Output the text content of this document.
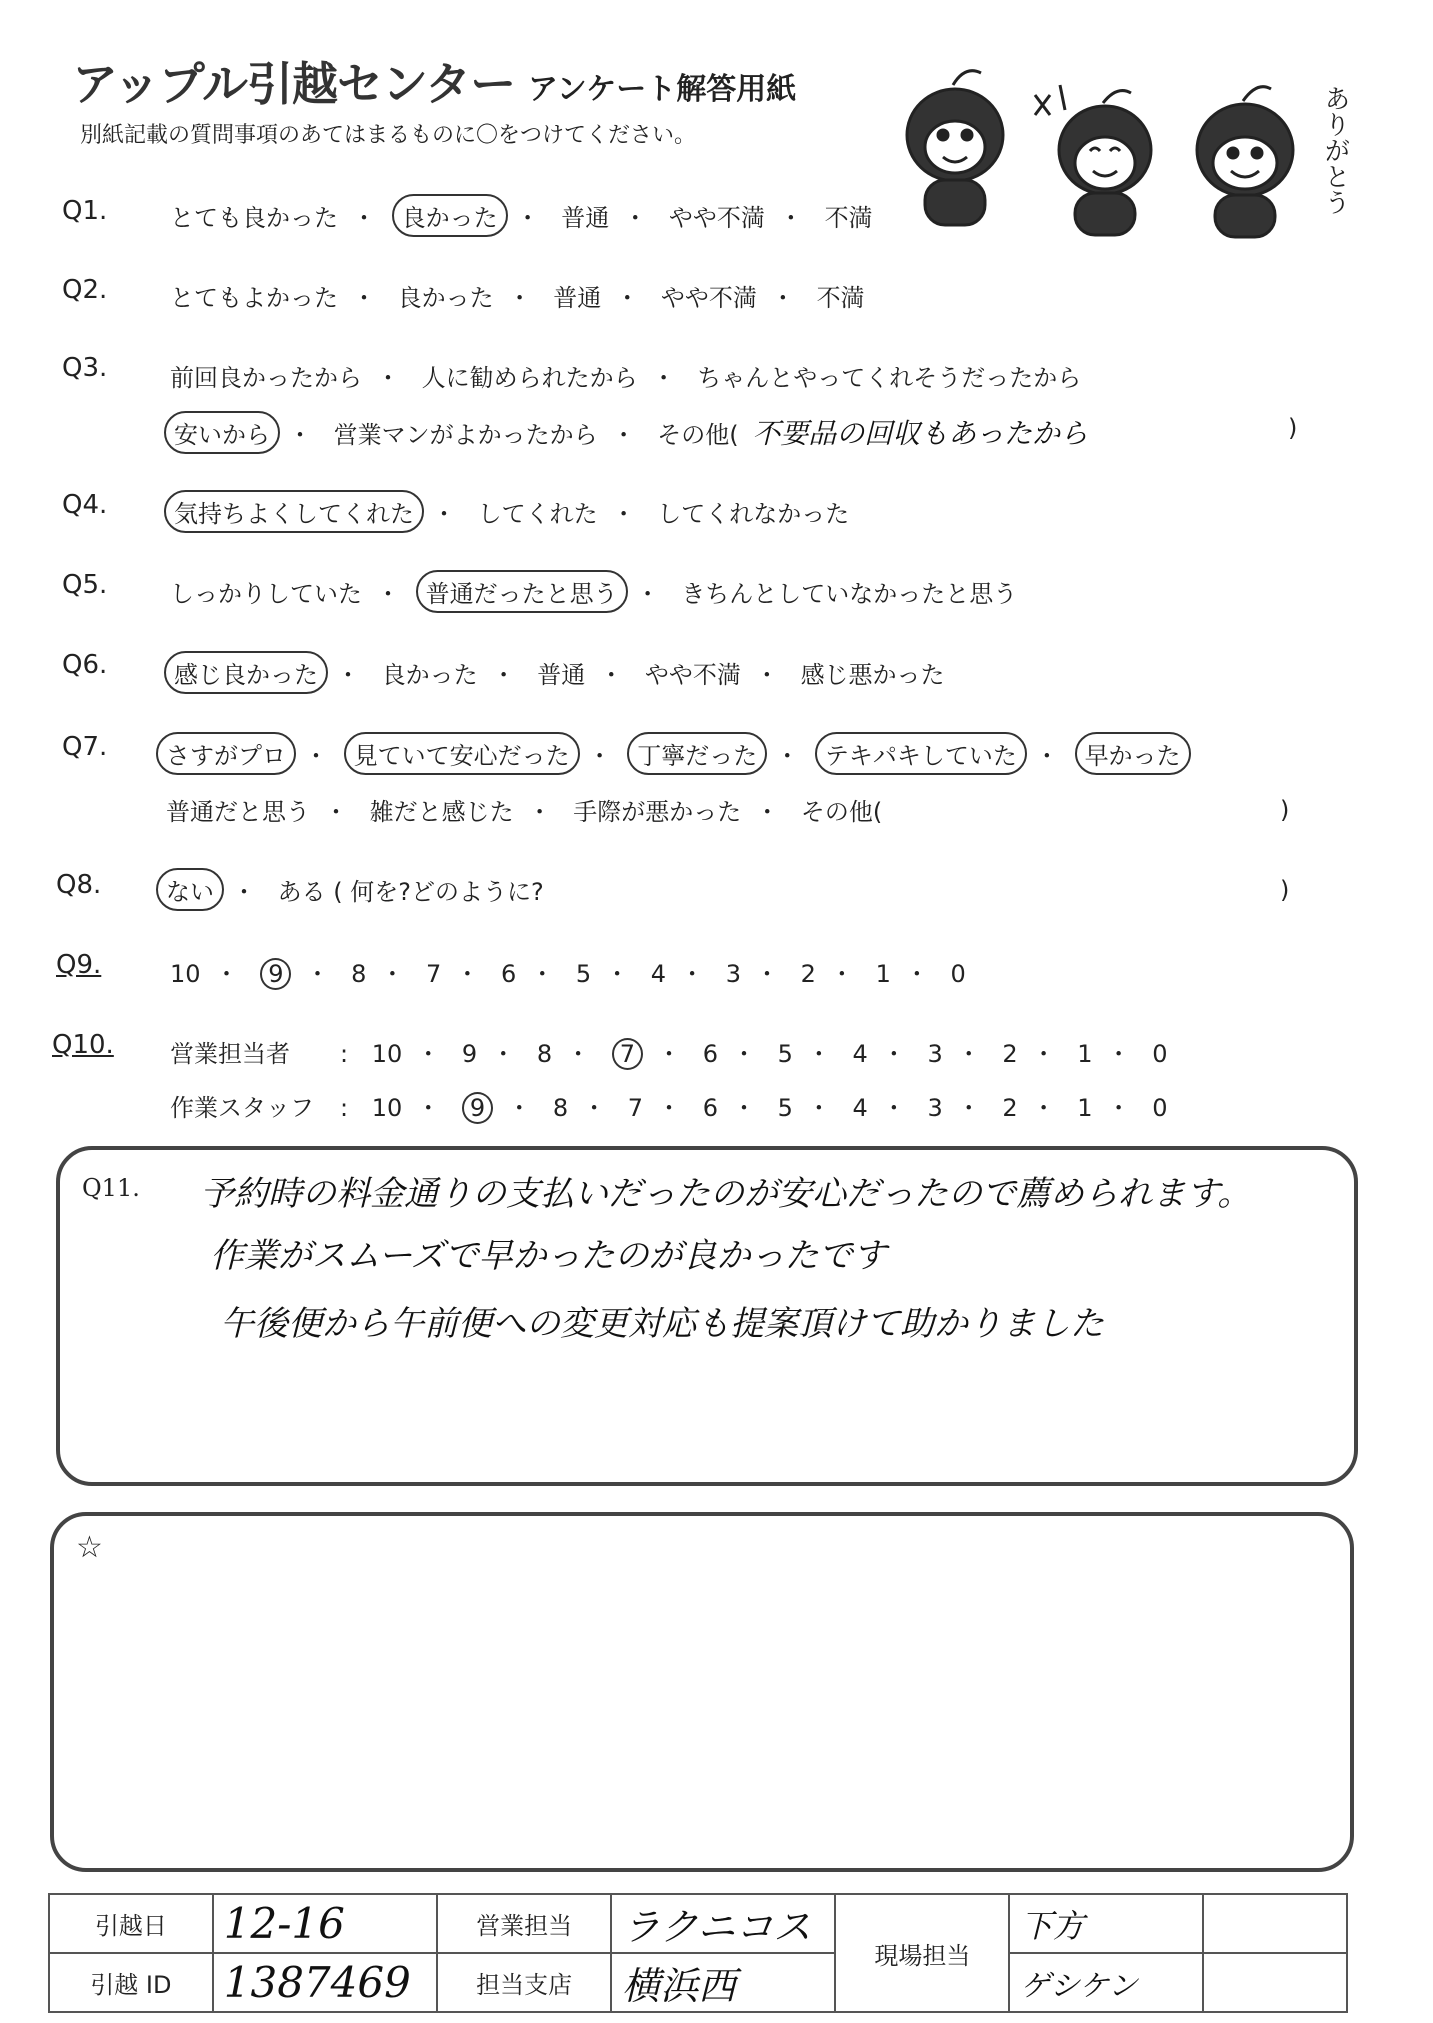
アップル引越センター アンケート解答用紙
別紙記載の質問事項のあてはまるものに〇をつけてください。	ありがとう
Q1.	とても良かった ・ 良かった ・ 普通 ・ やや不満 ・ 不満
Q2.	とてもよかった ・ 良かった ・ 普通 ・ やや不満 ・ 不満
Q3.	前回良かったから ・ 人に勧められたから ・ ちゃんとやってくれそうだったから
安いから ・ 営業マンがよかったから ・ その他( 不要品の回収もあったから	)
Q4.	気持ちよくしてくれた ・ してくれた ・ してくれなかった
Q5.	しっかりしていた ・ 普通だったと思う ・ きちんとしていなかったと思う
Q6.	感じ良かった ・ 良かった ・ 普通 ・ やや不満 ・ 感じ悪かった
Q7. さすがプロ ・ 見ていて安心だった ・ 丁寧だった ・ テキパキしていた ・ 早かった
普通だと思う ・ 雑だと感じた ・ 手際が悪かった ・ その他(	)
Q8.	ない ・ ある ( 何を?どのように?	)
Q9.	10 ・ 9 ・ 8 ・ 7 ・ 6 ・ 5 ・ 4 ・ 3 ・ 2 ・ 1 ・ 0
Q10. 営業担当者 : 10 ・ 9 ・ 8 ・ 7 ・ 6 ・ 5 ・ 4 ・ 3 ・ 2 ・ 1 ・ 0
作業スタッフ : 10 ・ 9 ・ 8 ・ 7 ・ 6 ・ 5 ・ 4 ・ 3 ・ 2 ・ 1 ・ 0
Q11. 予約時の料金通りの支払いだったのが安心だったので薦められます。
作業がスムーズで早かったのが良かったです
午後便から午前便への変更対応も提案頂けて助かりました
☆
引越日	12-16	営業担当	ラクニコス	現場担当	下方	
引越 ID	1387469	担当支店	横浜西		ゲシケン	
